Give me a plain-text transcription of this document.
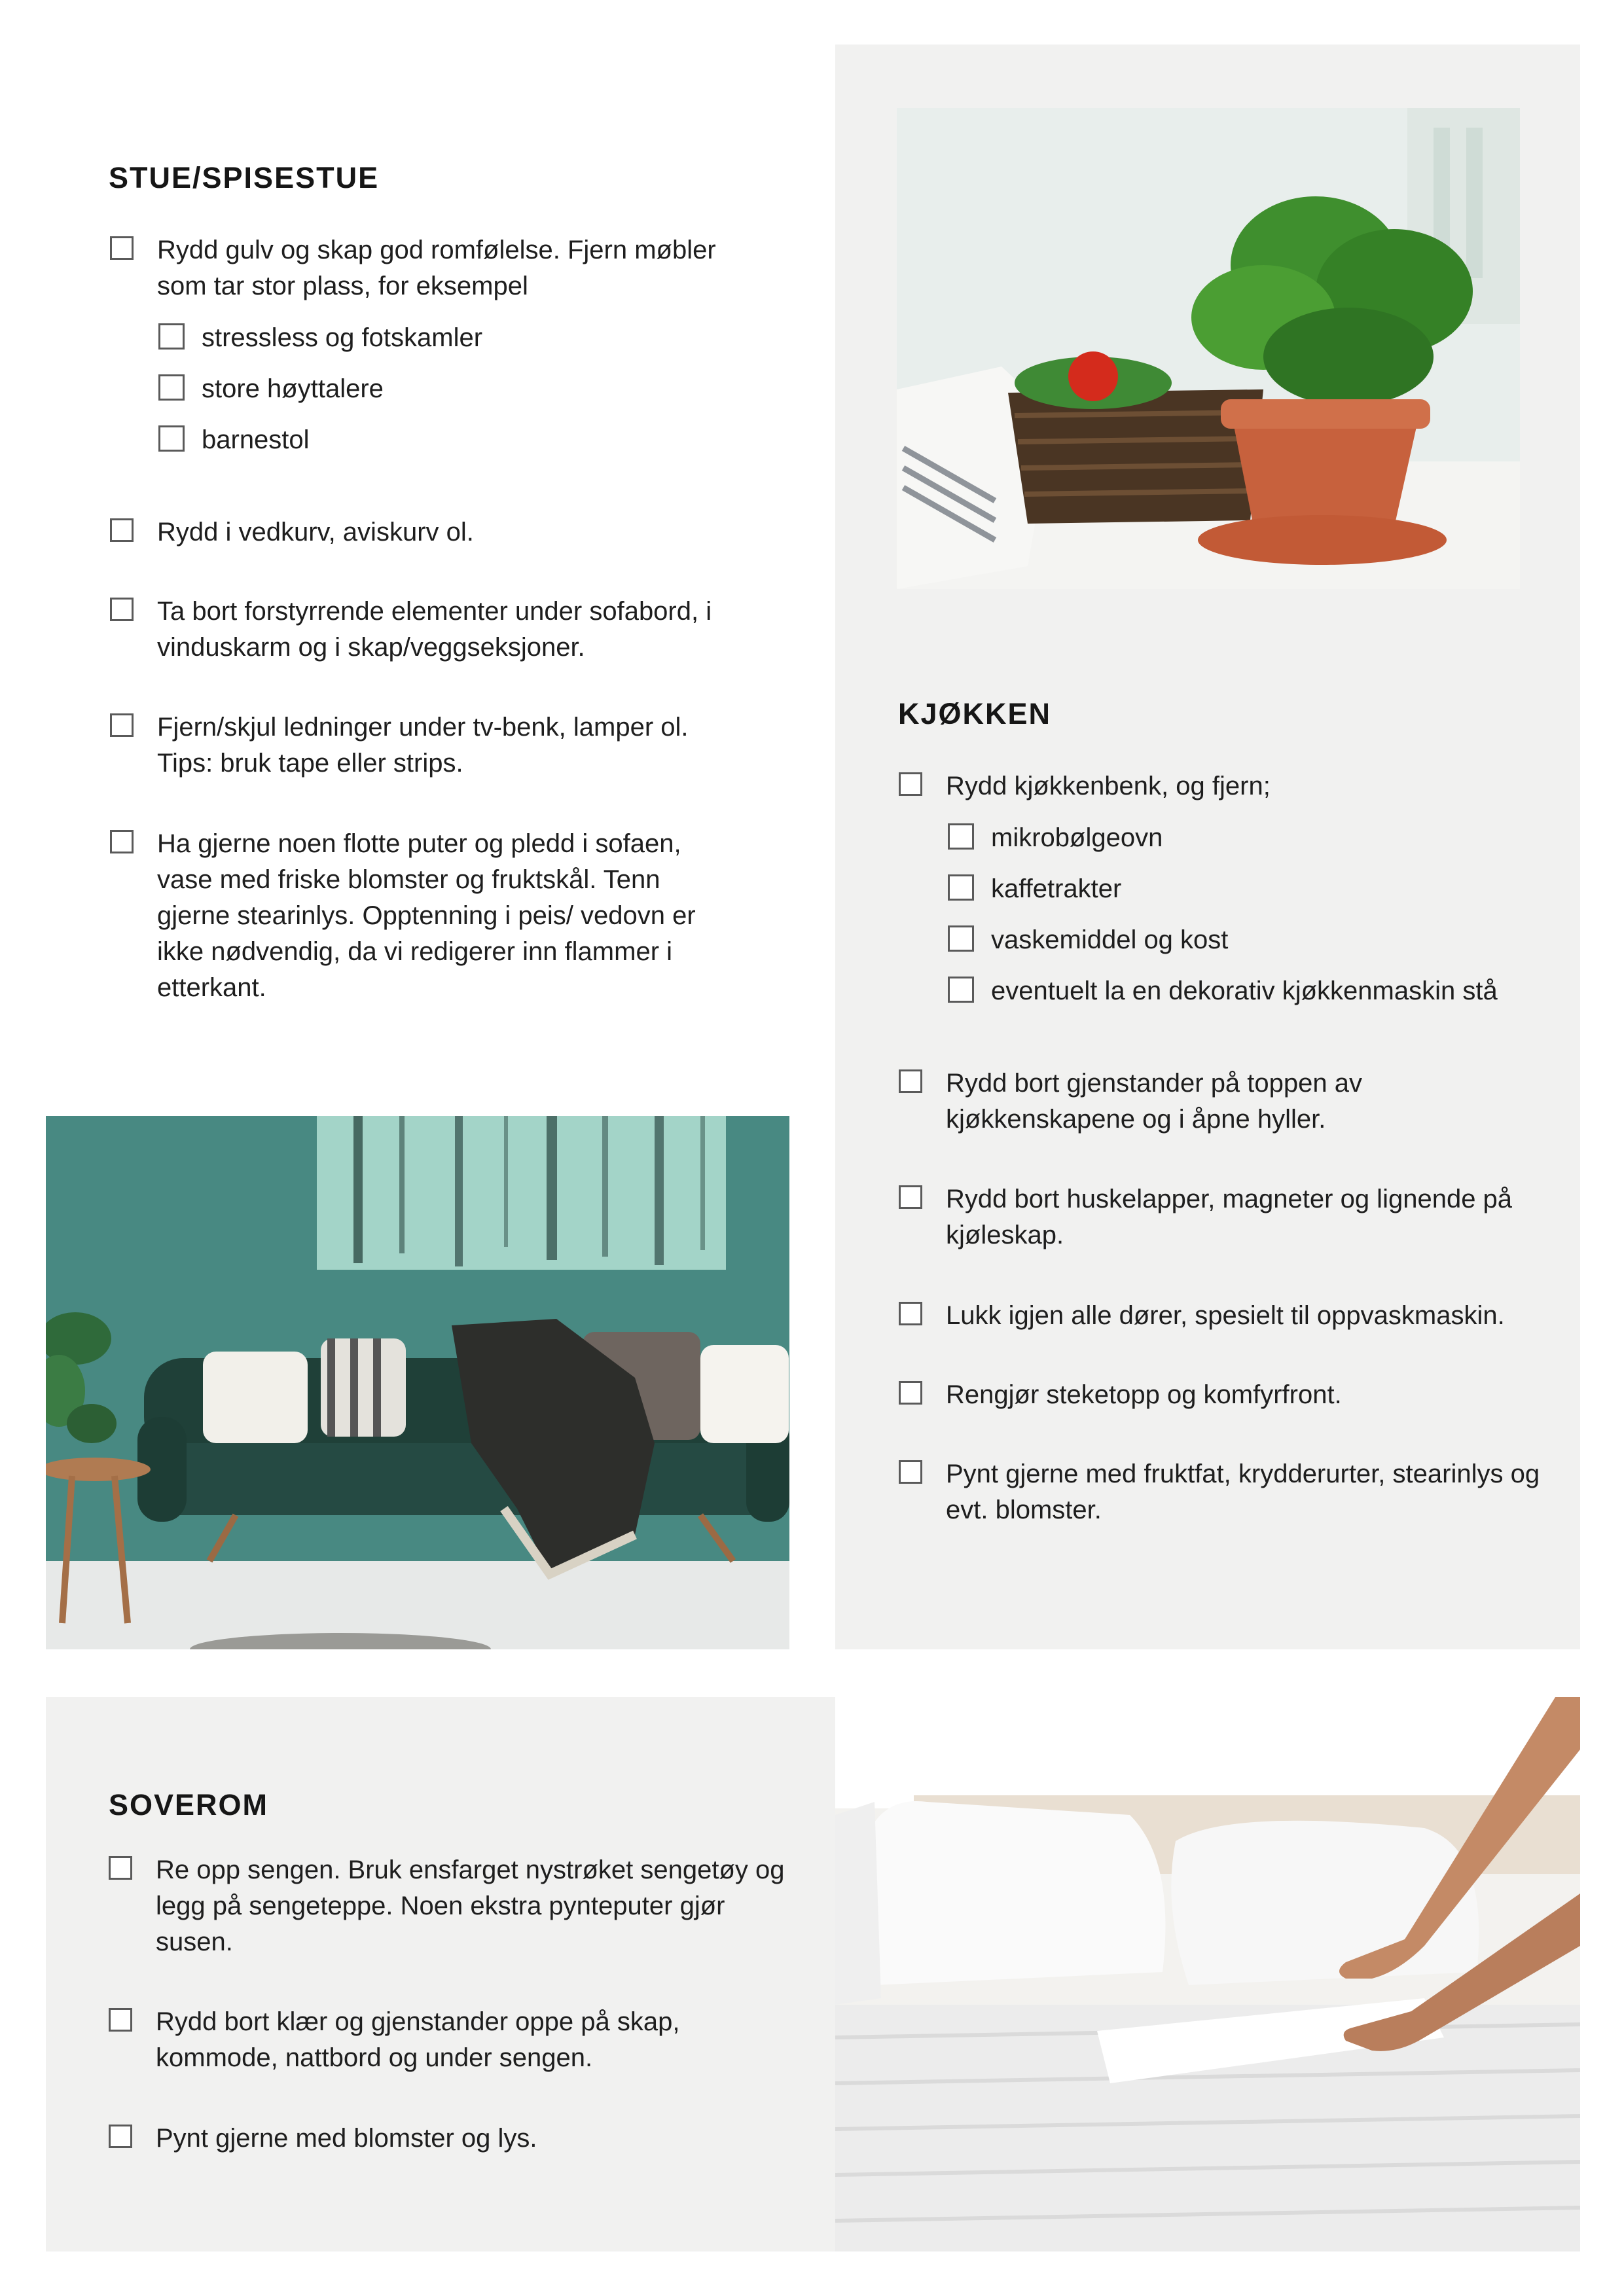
STUE/SPISESTUE
Rydd gulv og skap god romfølelse. Fjern møbler som tar stor plass, for eksempel
stressless og fotskamler
store høyttalere
barnestol
Rydd i vedkurv, aviskurv ol.
Ta bort forstyrrende elementer under sofabord, i vinduskarm og i skap/veggseksjoner.
Fjern/skjul ledninger under tv-benk, lamper ol. Tips: bruk tape eller strips.
Ha gjerne noen flotte puter og pledd i sofaen, vase med friske blomster og fruktskål. Tenn gjerne stearinlys. Opptenning i peis/ vedovn er ikke nødvendig, da vi redigerer inn flammer i etterkant.
KJØKKEN
Rydd kjøkkenbenk, og fjern;
mikrobølgeovn
kaffetrakter
vaskemiddel og kost
eventuelt la en dekorativ kjøkkenmaskin stå
Rydd bort gjenstander på toppen av kjøkkenskapene og i åpne hyller.
Rydd bort huskelapper, magneter og lignende på kjøleskap.
Lukk igjen alle dører, spesielt til oppvaskmaskin.
Rengjør steketopp og komfyrfront.
Pynt gjerne med fruktfat, krydderurter, stearinlys og evt. blomster.
SOVEROM
Re opp sengen. Bruk ensfarget nystrøket sengetøy og legg på sengeteppe. Noen ekstra pynteputer gjør susen.
Rydd bort klær og gjenstander oppe på skap, kommode, nattbord og under sengen.
Pynt gjerne med blomster og lys.
